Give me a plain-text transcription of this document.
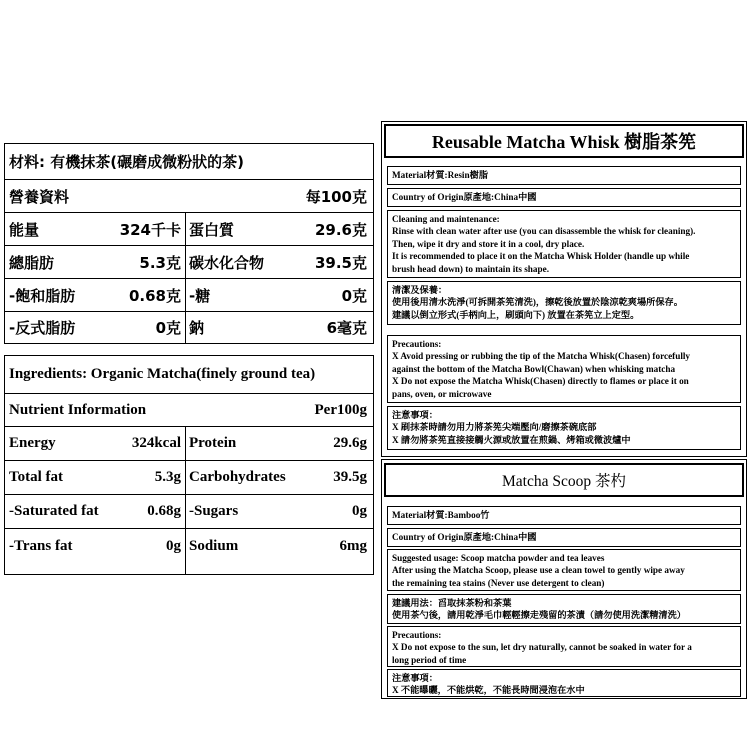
材料: 有機抹茶(碾磨成微粉狀的茶)
營養資料	每100克
能量	324千卡 蛋白質	29.6克
總脂肪	5.3克 碳水化合物	39.5克
-飽和脂肪	0.68克 -糖	0克
-反式脂肪	0克 鈉	6毫克
Ingredients: Organic Matcha(finely ground tea)
Nutrient Information	Per100g
Energy	324kcal Protein	29.6g
Total fat	5.3g Carbohydrates	39.5g
-Saturated fat	0.68g -Sugars	0g
-Trans fat	0g Sodium	6mg
Reusable Matcha Whisk 樹脂茶筅
Material材質:Resin樹脂
Country of Origin原產地:China中國

Cleaning and maintenance:

Rinse with clean water after use (you can disassemble the whisk for cleaning).

Then, wipe it dry and store it in a cool, dry place.

It is recommended to place it on the Matcha Whisk Holder (handle up while

brush head down) to maintain its shape.

清潔及保養：

使用後用清水洗淨(可拆開茶筅清洗)，擦乾後放置於陰涼乾爽場所保存。

建議以倒立形式(手柄向上，刷頭向下) 放置在茶筅立上定型。

Precautions:

X Avoid pressing or rubbing the tip of the Matcha Whisk(Chasen) forcefully

against the bottom of the Matcha Bowl(Chawan) when whisking matcha

X Do not expose the Matcha Whisk(Chasen) directly to flames or place it on

pans, oven, or microwave

注意事項：

X 刷抹茶時請勿用力將茶筅尖端壓向/磨擦茶碗底部

X 請勿將茶筅直接接觸火源或放置在煎鍋、烤箱或微波爐中

Matcha Scoop 茶杓
Material材質:Bamboo竹
Country of Origin原產地:China中國

Suggested usage: Scoop matcha powder and tea leaves

After using the Matcha Scoop, please use a clean towel to gently wipe away

the remaining tea stains (Never use detergent to clean)

建議用法：舀取抹茶粉和茶葉

使用茶勺後，請用乾淨毛巾輕輕擦走殘留的茶漬（請勿使用洗潔精清洗）

Precautions:

X Do not expose to the sun, let dry naturally, cannot be soaked in water for a

long period of time

注意事項：

X 不能曝曬，不能烘乾，不能長時間浸泡在水中
